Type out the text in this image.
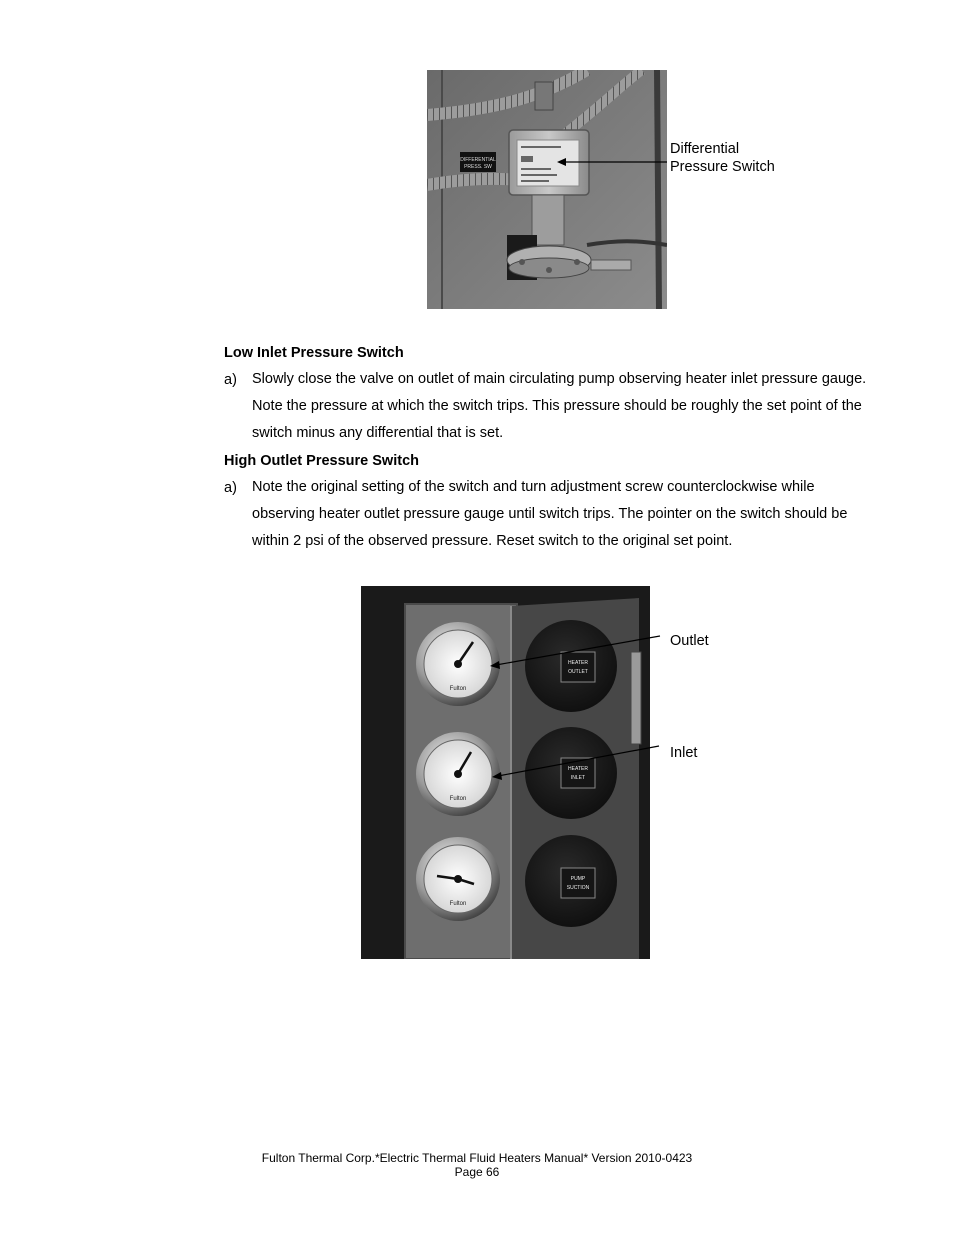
DIFFERENTIAL
PRESS. SW
Differential
Pressure Switch
Low Inlet Pressure Switch
a) Slowly close the valve on outlet of main circulating pump observing heater inlet pressure gauge. Note the pressure at which the switch trips. This pressure should be roughly the set point of the switch minus any differential that is set.
High Outlet Pressure Switch
a) Note the original setting of the switch and turn adjustment screw counterclockwise while observing heater outlet pressure gauge until switch trips. The pointer on the switch should be within 2 psi of the observed pressure. Reset switch to the original set point.
HEATER
OUTLET
HEATER
INLET
PUMP
SUCTION
Fulton
Fulton
Fulton
Outlet
Inlet
Fulton Thermal Corp.*Electric Thermal Fluid Heaters Manual* Version 2010-0423
Page 66
